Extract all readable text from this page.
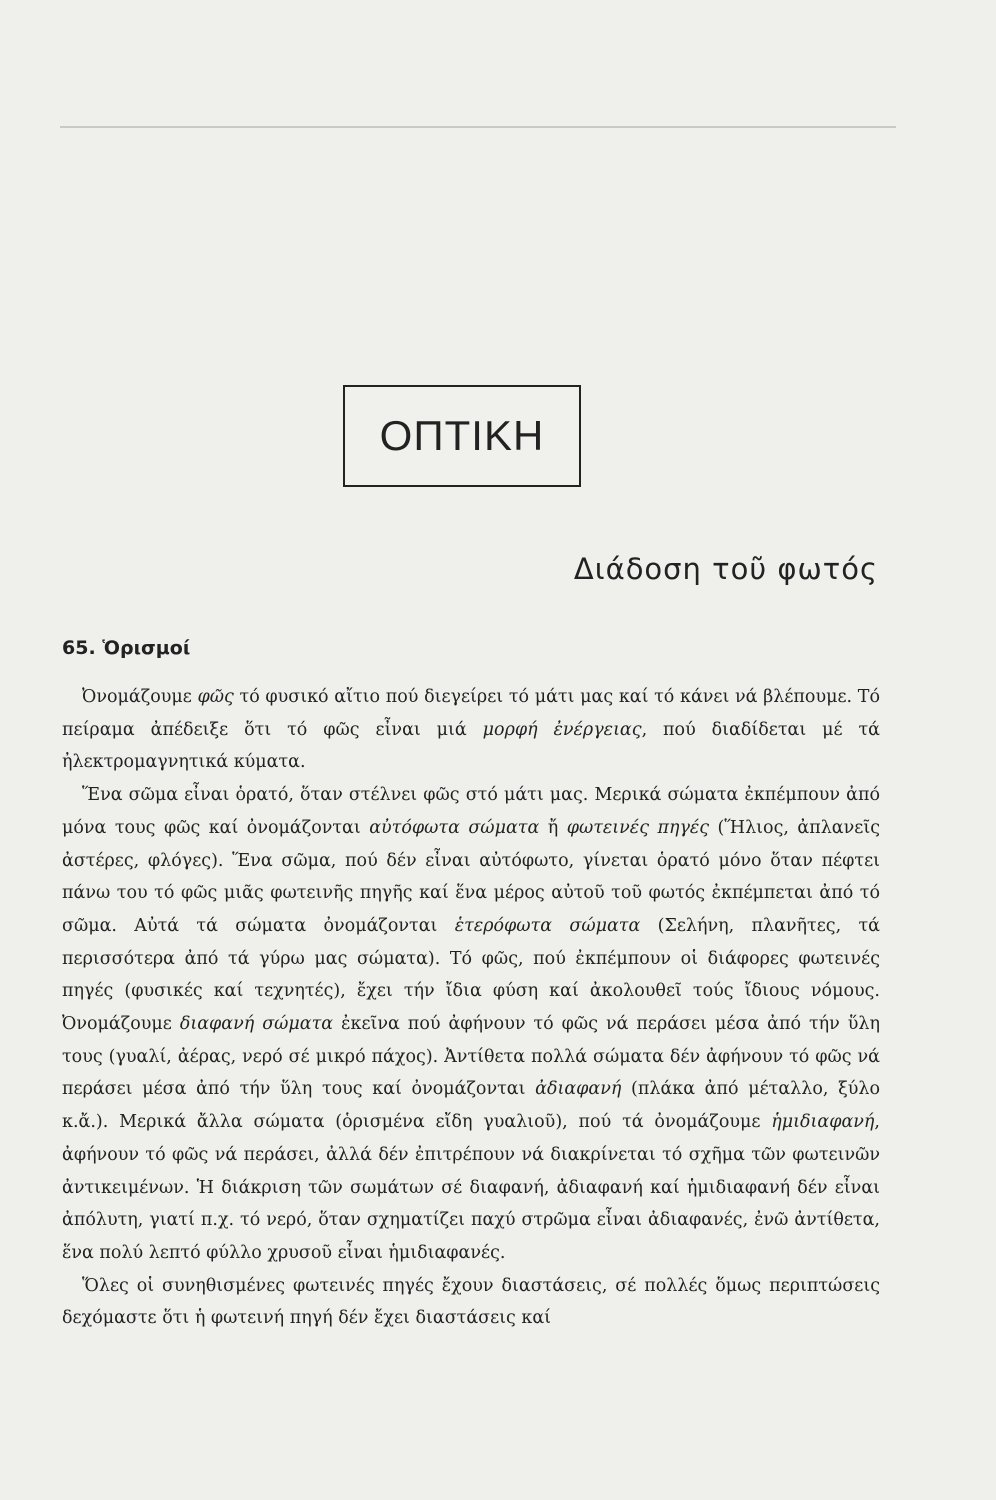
ΟΠΤΙΚΗ
Διάδοση τοῦ φωτός
65. Ὁρισμοί

Ὀνομάζουμε φῶς τό φυσικό αἴτιο πού διεγείρει τό μάτι μας καί τό κάνει νά βλέπουμε. Τό πείραμα ἀπέδειξε ὅτι τό φῶς εἶναι μιά μορφή ἐνέργειας, πού διαδίδεται μέ τά ἠλεκτρομαγνητικά κύματα.

Ἕνα σῶμα εἶναι ὁρατό, ὅταν στέλνει φῶς στό μάτι μας. Μερικά σώματα ἐκπέμπουν ἀπό μόνα τους φῶς καί ὀνομάζονται αὐτόφωτα σώματα ἤ φωτεινές πηγές (Ἥλιος, ἀπλανεῖς ἀστέρες, φλόγες). Ἕνα σῶμα, πού δέν εἶναι αὐτόφωτο, γίνεται ὁρατό μόνο ὅταν πέφτει πάνω του τό φῶς μιᾶς φωτεινῆς πηγῆς καί ἕνα μέρος αὐτοῦ τοῦ φωτός ἐκπέμπεται ἀπό τό σῶμα. Αὐτά τά σώματα ὀνομάζονται ἑτερόφωτα σώματα (Σελήνη, πλανῆτες, τά περισσότερα ἀπό τά γύρω μας σώματα). Τό φῶς, πού ἐκπέμπουν οἱ διάφορες φωτεινές πηγές (φυσικές καί τεχνητές), ἔχει τήν ἴδια φύση καί ἀκολουθεῖ τούς ἴδιους νόμους. Ὀνομάζουμε διαφανή σώματα ἐκεῖνα πού ἀφήνουν τό φῶς νά περάσει μέσα ἀπό τήν ὕλη τους (γυαλί, ἀέρας, νερό σέ μικρό πάχος). Ἀντίθετα πολλά σώματα δέν ἀφήνουν τό φῶς νά περάσει μέσα ἀπό τήν ὕλη τους καί ὀνομάζονται ἀδιαφανή (πλάκα ἀπό μέταλλο, ξύλο κ.ἄ.). Μερικά ἄλλα σώματα (ὁρισμένα εἴδη γυαλιοῦ), πού τά ὀνομάζουμε ἡμιδιαφανή, ἀφήνουν τό φῶς νά περάσει, ἀλλά δέν ἐπιτρέπουν νά διακρίνεται τό σχῆμα τῶν φωτεινῶν ἀντικειμένων. Ἡ διάκριση τῶν σωμάτων σέ διαφανή, ἀδιαφανή καί ἡμιδιαφανή δέν εἶναι ἀπόλυτη, γιατί π.χ. τό νερό, ὅταν σχηματίζει παχύ στρῶμα εἶναι ἀδιαφανές, ἐνῶ ἀντίθετα, ἕνα πολύ λεπτό φύλλο χρυσοῦ εἶναι ἡμιδιαφανές.

Ὅλες οἱ συνηθισμένες φωτεινές πηγές ἔχουν διαστάσεις, σέ πολλές ὅμως περιπτώσεις δεχόμαστε ὅτι ἡ φωτεινή πηγή δέν ἔχει διαστάσεις καί
